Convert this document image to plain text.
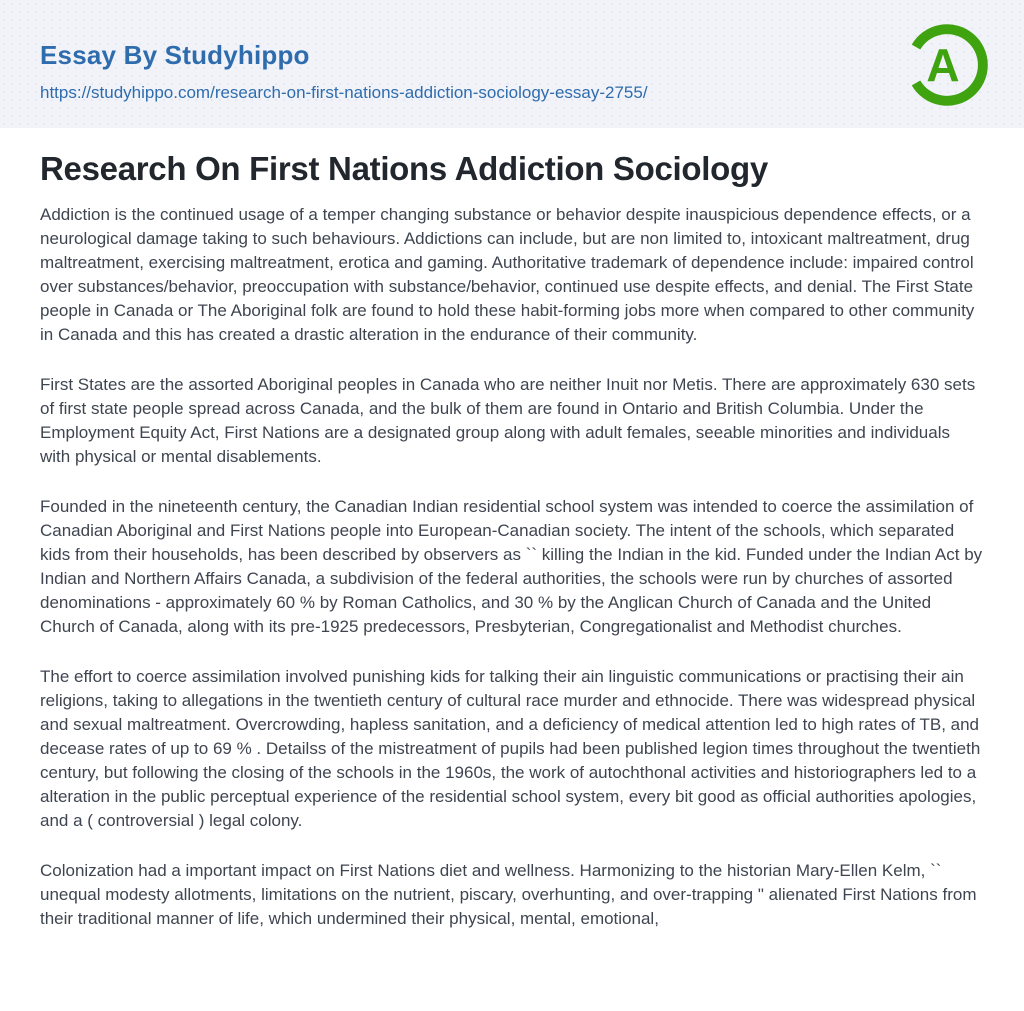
Essay By Studyhippo
https://studyhippo.com/research-on-first-nations-addiction-sociology-essay-2755/
A
Research On First Nations Addiction Sociology

Addiction is the continued usage of a temper changing substance or behavior despite inauspicious dependence effects, or a neurological damage taking to such behaviours. Addictions can include, but are non limited to, intoxicant maltreatment, drug maltreatment, exercising maltreatment, erotica and gaming. Authoritative trademark of dependence include: impaired control over substances/behavior, preoccupation with substance/behavior, continued use despite effects, and denial. The First State people in Canada or The Aboriginal folk are found to hold these habit-forming jobs more when compared to other community in Canada and this has created a drastic alteration in the endurance of their community.

First States are the assorted Aboriginal peoples in Canada who are neither Inuit nor Metis. There are approximately 630 sets of first state people spread across Canada, and the bulk of them are found in Ontario and British Columbia. Under the Employment Equity Act, First Nations are a designated group along with adult females, seeable minorities and individuals with physical or mental disablements.

Founded in the nineteenth century, the Canadian Indian residential school system was intended to coerce the assimilation of Canadian Aboriginal and First Nations people into European-Canadian society. The intent of the schools, which separated kids from their households, has been described by observers as `` killing the Indian in the kid. Funded under the Indian Act by Indian and Northern Affairs Canada, a subdivision of the federal authorities, the schools were run by churches of assorted denominations - approximately 60 % by Roman Catholics, and 30 % by the Anglican Church of Canada and the United Church of Canada, along with its pre-1925 predecessors, Presbyterian, Congregationalist and Methodist churches.

The effort to coerce assimilation involved punishing kids for talking their ain linguistic communications or practising their ain religions, taking to allegations in the twentieth century of cultural race murder and ethnocide. There was widespread physical and sexual maltreatment. Overcrowding, hapless sanitation, and a deficiency of medical attention led to high rates of TB, and decease rates of up to 69 % . Detailss of the mistreatment of pupils had been published legion times throughout the twentieth century, but following the closing of the schools in the 1960s, the work of autochthonal activities and historiographers led to a alteration in the public perceptual experience of the residential school system, every bit good as official authorities apologies, and a ( controversial ) legal colony.

Colonization had a important impact on First Nations diet and wellness. Harmonizing to the historian Mary-Ellen Kelm, `` unequal modesty allotments, limitations on the nutrient, piscary, overhunting, and over-trapping " alienated First Nations from their traditional manner of life, which undermined their physical, mental, emotional,
